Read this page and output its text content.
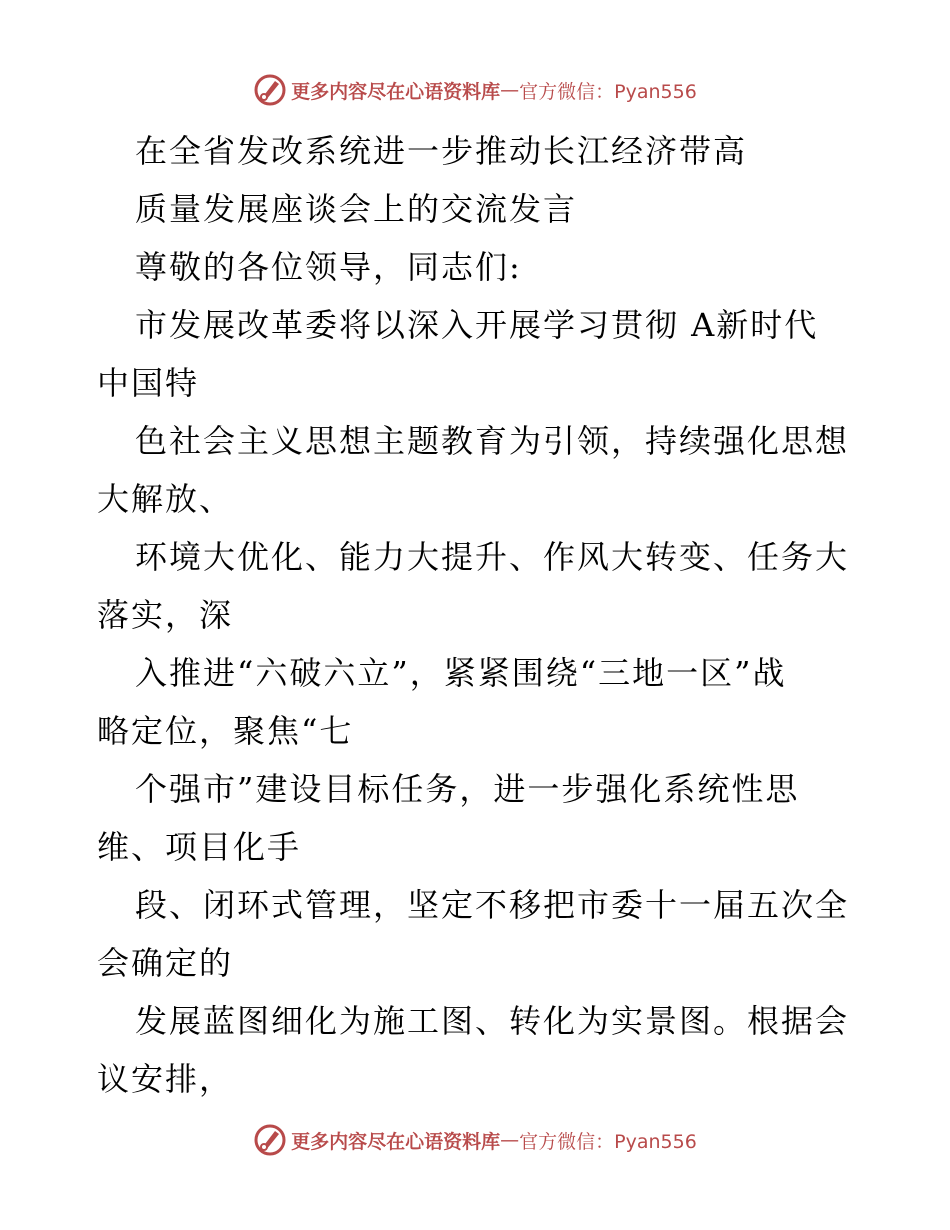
更多内容尽在心语资料库 — 官方微信：Pyan556
在全省发改系统进一步推动长江经济带高
质量发展座谈会上的交流发言
尊敬的各位领导，同志们:
市发展改革委将以深入开展学习贯彻 A新时代
中国特
色社会主义思想主题教育为引领，持续强化思想
大解放、
环境大优化、能力大提升、作风大转变、任务大
落实，深
入推进“六破六立”，紧紧围绕“三地一区”战
略定位，聚焦“七
个强市”建设目标任务，进一步强化系统性思
维、项目化手
段、闭环式管理，坚定不移把市委十一届五次全
会确定的
发展蓝图细化为施工图、转化为实景图。根据会
议安排，
更多内容尽在心语资料库 — 官方微信：Pyan556
